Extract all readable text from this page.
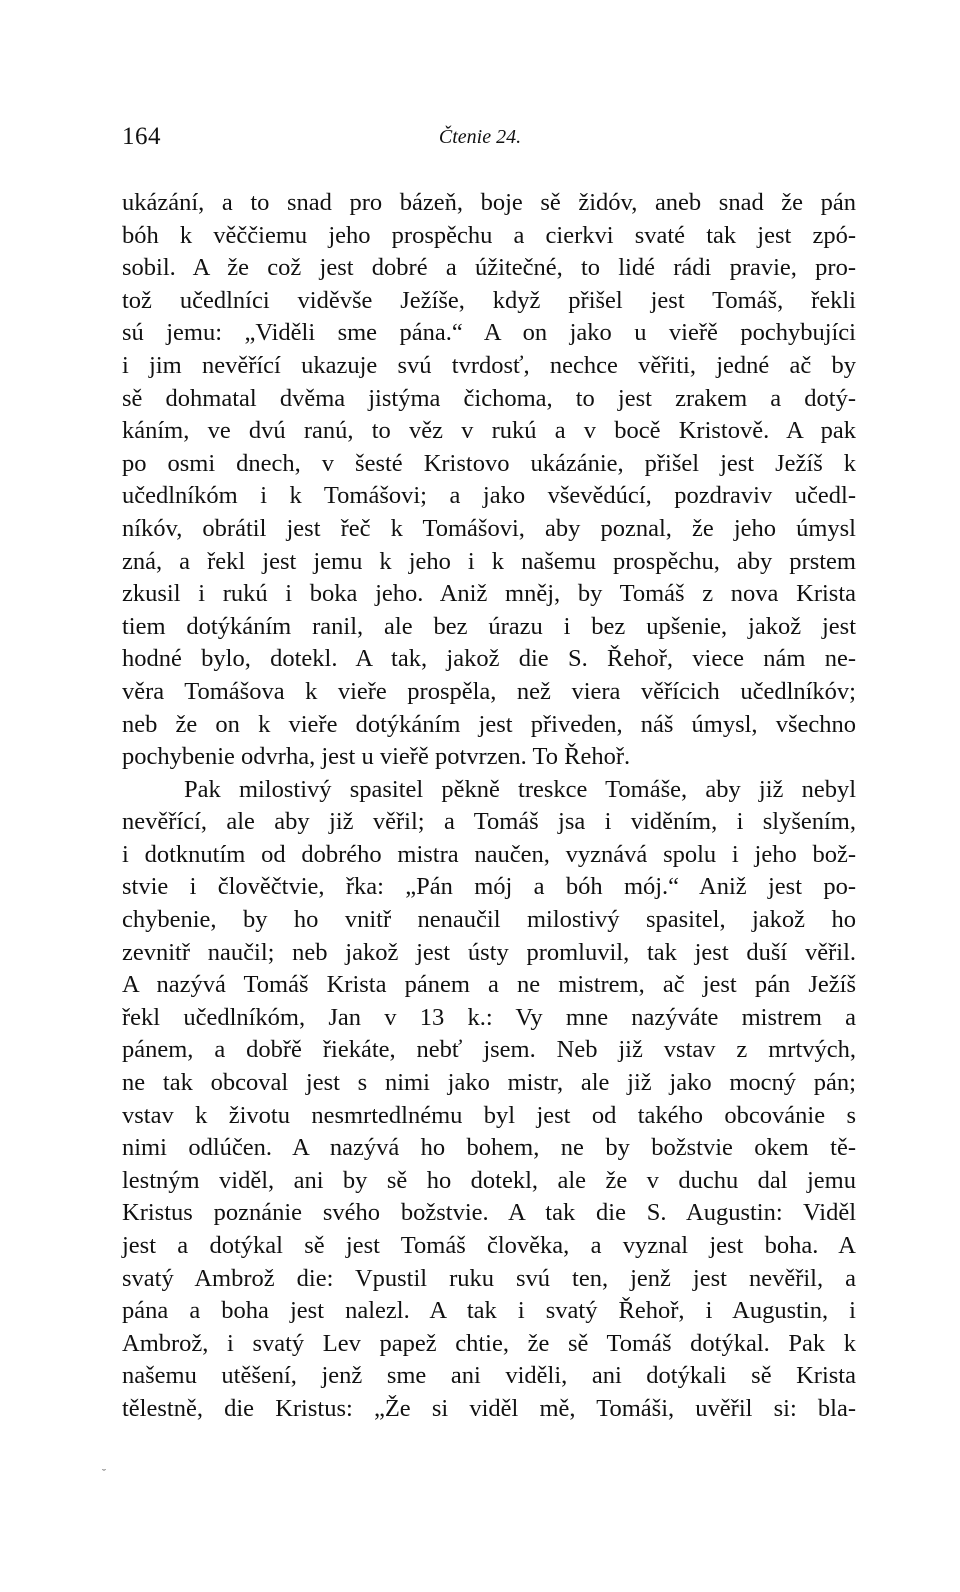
164	Čtenie 24.
ukázání, a to snad pro bázeň, boje sě židóv, aneb snad že pán
bóh k věččiemu jeho prospěchu a cierkvi svaté tak jest zpó-
sobil. A že což jest dobré a úžitečné, to lidé rádi pravie, pro-
tož učedlníci viděvše Ježíše, když přišel jest Tomáš, řekli
sú jemu: „Viděli sme pána.“ A on jako u vieřě pochybujíci
i jim nevěřící ukazuje svú tvrdosť, nechce věřiti, jedné ač by
sě dohmatal dvěma jistýma čichoma, to jest zrakem a dotý-
káním, ve dvú ranú, to věz v rukú a v bocě Kristově. A pak
po osmi dnech, v šesté Kristovo ukázánie, přišel jest Ježíš k
učedlníkóm i k Tomášovi; a jako vševědúcí, pozdraviv učedl-
níkóv, obrátil jest řeč k Tomášovi, aby poznal, že jeho úmysl
zná, a řekl jest jemu k jeho i k našemu prospěchu, aby prstem
zkusil i rukú i boka jeho. Aniž mněj, by Tomáš z nova Krista
tiem dotýkáním ranil, ale bez úrazu i bez upšenie, jakož jest
hodné bylo, dotekl. A tak, jakož die S. Řehoř, viece nám ne-
věra Tomášova k vieře prospěla, než viera věřícich učedlníkóv;
neb že on k vieře dotýkáním jest přiveden, náš úmysl, všechno
pochybenie odvrha, jest u vieřě potvrzen. To Řehoř.
Pak milostivý spasitel pěkně treskce Tomáše, aby již nebyl
nevěřící, ale aby již věřil; a Tomáš jsa i viděním, i slyšením,
i dotknutím od dobrého mistra naučen, vyznává spolu i jeho bož-
stvie i člověčtvie, řka: „Pán mój a bóh mój.“ Aniž jest po-
chybenie, by ho vnitř nenaučil milostivý spasitel, jakož ho
zevnitř naučil; neb jakož jest ústy promluvil, tak jest duší věřil.
A nazývá Tomáš Krista pánem a ne mistrem, ač jest pán Ježíš
řekl učedlníkóm, Jan v 13 k.: Vy mne nazýváte mistrem a
pánem, a dobřě řiekáte, nebť jsem. Neb již vstav z mrtvých,
ne tak obcoval jest s nimi jako mistr, ale již jako mocný pán;
vstav k životu nesmrtedlnému byl jest od takého obcovánie s
nimi odlúčen. A nazývá ho bohem, ne by božstvie okem tě-
lestným viděl, ani by sě ho dotekl, ale že v duchu dal jemu
Kristus poznánie svého božstvie. A tak die S. Augustin: Viděl
jest a dotýkal sě jest Tomáš člověka, a vyznal jest boha. A
svatý Ambrož die: Vpustil ruku svú ten, jenž jest nevěřil, a
pána a boha jest nalezl. A tak i svatý Řehoř, i Augustin, i
Ambrož, i svatý Lev papež chtie, že sě Tomáš dotýkal. Pak k
našemu utěšení, jenž sme ani viděli, ani dotýkali sě Krista
tělestně, die Kristus: „Že si viděl mě, Tomáši, uvěřil si: bla-
˘
